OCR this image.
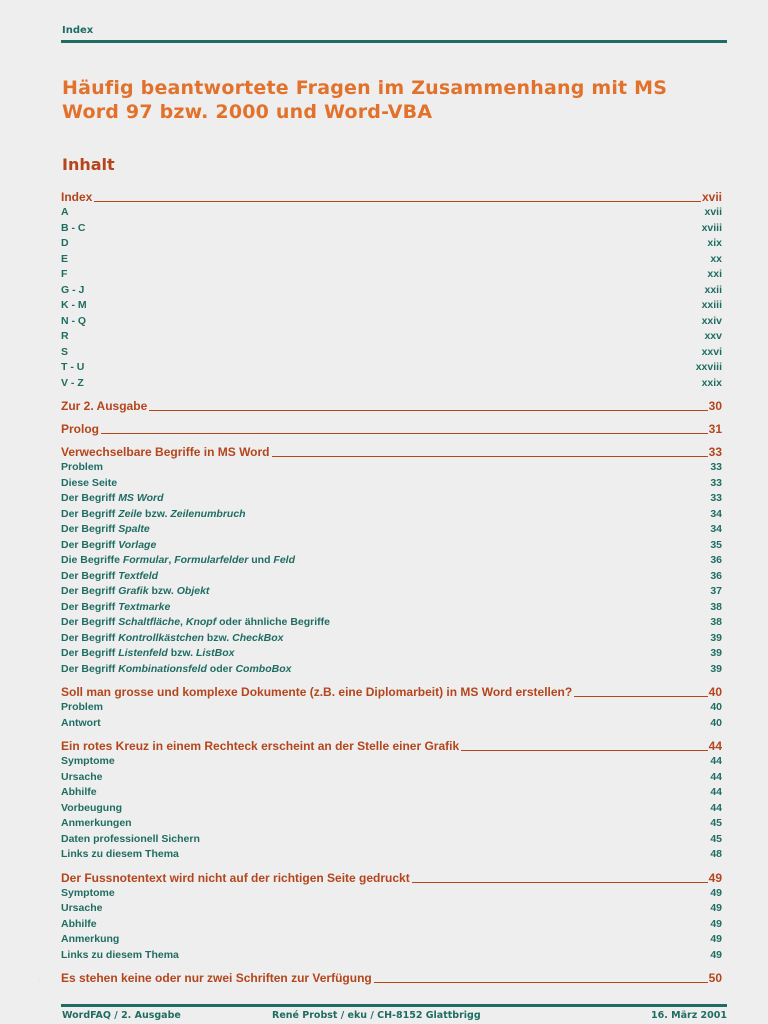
Index
Häufig beantwortete Fragen im Zusammenhang mit MS Word 97 bzw. 2000 und Word-VBA
Inhalt
Index	xvii
A	xvii
B - C	xviii
D	xix
E	xx
F	xxi
G - J	xxii
K - M	xxiii
N - Q	xxiv
R	xxv
S	xxvi
T - U	xxviii
V - Z	xxix
Zur 2. Ausgabe	30
Prolog	31
Verwechselbare Begriffe in MS Word	33
Problem	33
Diese Seite	33
Der Begriff MS Word	33
Der Begriff Zeile bzw. Zeilenumbruch	34
Der Begriff Spalte	34
Der Begriff Vorlage	35
Die Begriffe Formular, Formularfelder und Feld	36
Der Begriff Textfeld	36
Der Begriff Grafik bzw. Objekt	37
Der Begriff Textmarke	38
Der Begriff Schaltfläche, Knopf oder ähnliche Begriffe	38
Der Begriff Kontrollkästchen bzw. CheckBox	39
Der Begriff Listenfeld bzw. ListBox	39
Der Begriff Kombinationsfeld oder ComboBox	39
Soll man grosse und komplexe Dokumente (z.B. eine Diplomarbeit) in MS Word erstellen?	40
Problem	40
Antwort	40
Ein rotes Kreuz in einem Rechteck erscheint an der Stelle einer Grafik	44
Symptome	44
Ursache	44
Abhilfe	44
Vorbeugung	44
Anmerkungen	45
Daten professionell Sichern	45
Links zu diesem Thema	48
Der Fussnotentext wird nicht auf der richtigen Seite gedruckt	49
Symptome	49
Ursache	49
Abhilfe	49
Anmerkung	49
Links zu diesem Thema	49
Es stehen keine oder nur zwei Schriften zur Verfügung	50
.
WordFAQ / 2. Ausgabe	René Probst / eku / CH-8152 Glattbrigg	16. März 2001
